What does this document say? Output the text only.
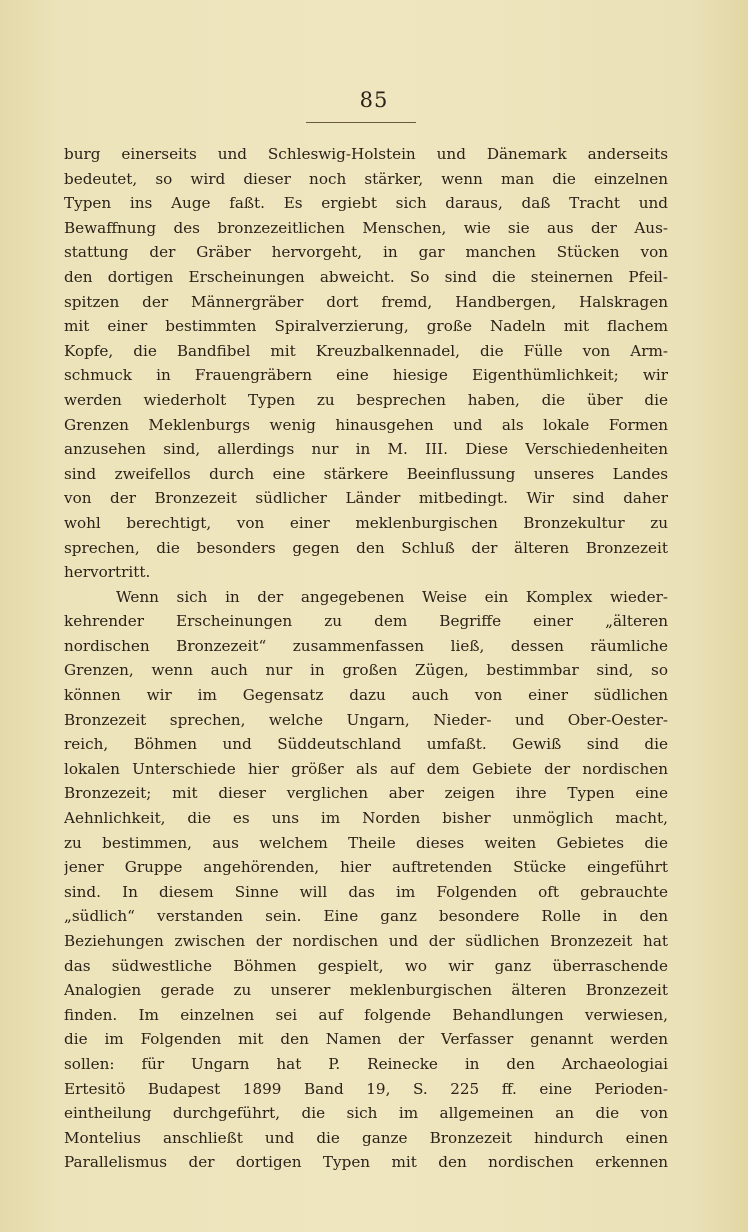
85
burg einerseits und Schleswig-Holstein und Dänemark anderseits
bedeutet, so wird dieser noch stärker, wenn man die einzelnen
Typen ins Auge faßt. Es ergiebt sich daraus, daß Tracht und
Bewaffnung des bronzezeitlichen Menschen, wie sie aus der Aus-
stattung der Gräber hervorgeht, in gar manchen Stücken von
den dortigen Erscheinungen abweicht. So sind die steinernen Pfeil-
spitzen der Männergräber dort fremd, Handbergen, Halskragen
mit einer bestimmten Spiralverzierung, große Nadeln mit flachem
Kopfe, die Bandfibel mit Kreuzbalkennadel, die Fülle von Arm-
schmuck in Frauengräbern eine hiesige Eigenthümlichkeit; wir
werden wiederholt Typen zu besprechen haben, die über die
Grenzen Meklenburgs wenig hinausgehen und als lokale Formen
anzusehen sind, allerdings nur in M. III. Diese Verschiedenheiten
sind zweifellos durch eine stärkere Beeinflussung unseres Landes
von der Bronzezeit südlicher Länder mitbedingt. Wir sind daher
wohl berechtigt, von einer meklenburgischen Bronzekultur zu
sprechen, die besonders gegen den Schluß der älteren Bronzezeit
hervortritt.
Wenn sich in der angegebenen Weise ein Komplex wieder-
kehrender Erscheinungen zu dem Begriffe einer „älteren
nordischen Bronzezeit“ zusammenfassen ließ, dessen räumliche
Grenzen, wenn auch nur in großen Zügen, bestimmbar sind, so
können wir im Gegensatz dazu auch von einer südlichen
Bronzezeit sprechen, welche Ungarn, Nieder- und Ober-Oester-
reich, Böhmen und Süddeutschland umfaßt. Gewiß sind die
lokalen Unterschiede hier größer als auf dem Gebiete der nordischen
Bronzezeit; mit dieser verglichen aber zeigen ihre Typen eine
Aehnlichkeit, die es uns im Norden bisher unmöglich macht,
zu bestimmen, aus welchem Theile dieses weiten Gebietes die
jener Gruppe angehörenden, hier auftretenden Stücke eingeführt
sind. In diesem Sinne will das im Folgenden oft gebrauchte
„südlich“ verstanden sein. Eine ganz besondere Rolle in den
Beziehungen zwischen der nordischen und der südlichen Bronzezeit hat
das südwestliche Böhmen gespielt, wo wir ganz überraschende
Analogien gerade zu unserer meklenburgischen älteren Bronzezeit
finden. Im einzelnen sei auf folgende Behandlungen verwiesen,
die im Folgenden mit den Namen der Verfasser genannt werden
sollen: für Ungarn hat P. Reinecke in den Archaeologiai
Ertesitö Budapest 1899 Band 19, S. 225 ff. eine Perioden-
eintheilung durchgeführt, die sich im allgemeinen an die von
Montelius anschließt und die ganze Bronzezeit hindurch einen
Parallelismus der dortigen Typen mit den nordischen erkennen
